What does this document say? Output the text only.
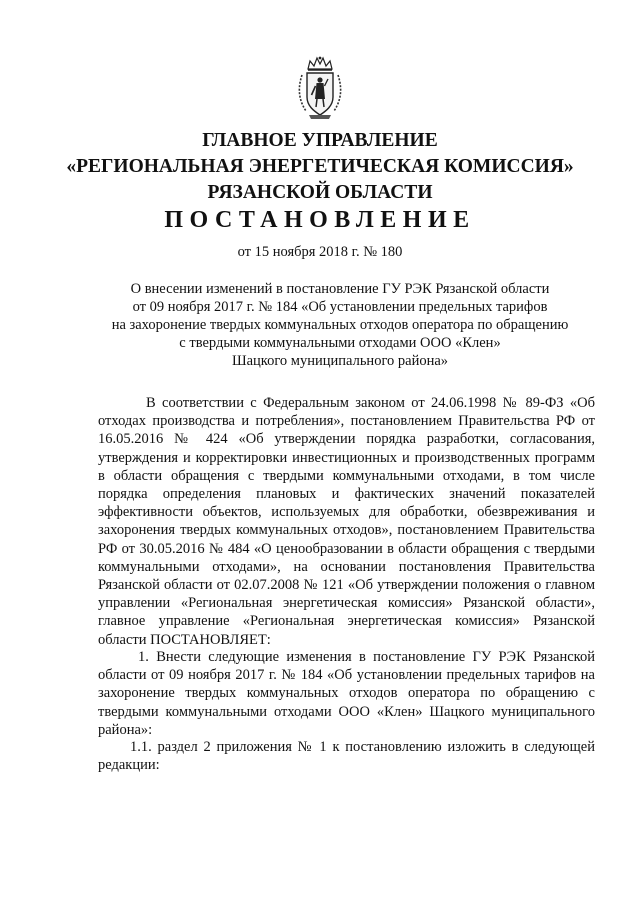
ГЛАВНОЕ УПРАВЛЕНИЕ
«РЕГИОНАЛЬНАЯ ЭНЕРГЕТИЧЕСКАЯ КОМИССИЯ»
РЯЗАНСКОЙ ОБЛАСТИ
ПОСТАНОВЛЕНИЕ
от 15 ноября 2018 г. № 180
О внесении изменений в постановление ГУ РЭК Рязанской области
от 09 ноября 2017 г. № 184 «Об установлении предельных тарифов
на захоронение твердых коммунальных отходов оператора по обращению
с твердыми коммунальными отходами ООО «Клен»
Шацкого муниципального района»

В соответствии с Федеральным законом от 24.06.1998 № 89-ФЗ «Об отходах производства и потребления», постановлением Правительства РФ от 16.05.2016 № 424 «Об утверждении порядка разработки, согласования, утверждения и корректировки инвестиционных и производственных программ в области обращения с твердыми коммунальными отходами, в том числе порядка определения плановых и фактических значений показателей эффективности объектов, используемых для обработки, обезвреживания и захоронения твердых коммунальных отходов», постановлением Правительства РФ от 30.05.2016 № 484 «О ценообразовании в области обращения с твердыми коммунальными отходами», на основании постановления Правительства Рязанской области от 02.07.2008 № 121 «Об утверждении положения о главном управлении «Региональная энергетическая комиссия» Рязанской области», главное управление «Региональная энергетическая комиссия» Рязанской области ПОСТАНОВЛЯЕТ:

1. Внести следующие изменения в постановление ГУ РЭК Рязанской области от 09 ноября 2017 г. № 184 «Об установлении предельных тарифов на захоронение твердых коммунальных отходов оператора по обращению с твердыми коммунальными отходами ООО «Клен» Шацкого муниципального района»:

1.1. раздел 2 приложения № 1 к постановлению изложить в следующей редакции:
